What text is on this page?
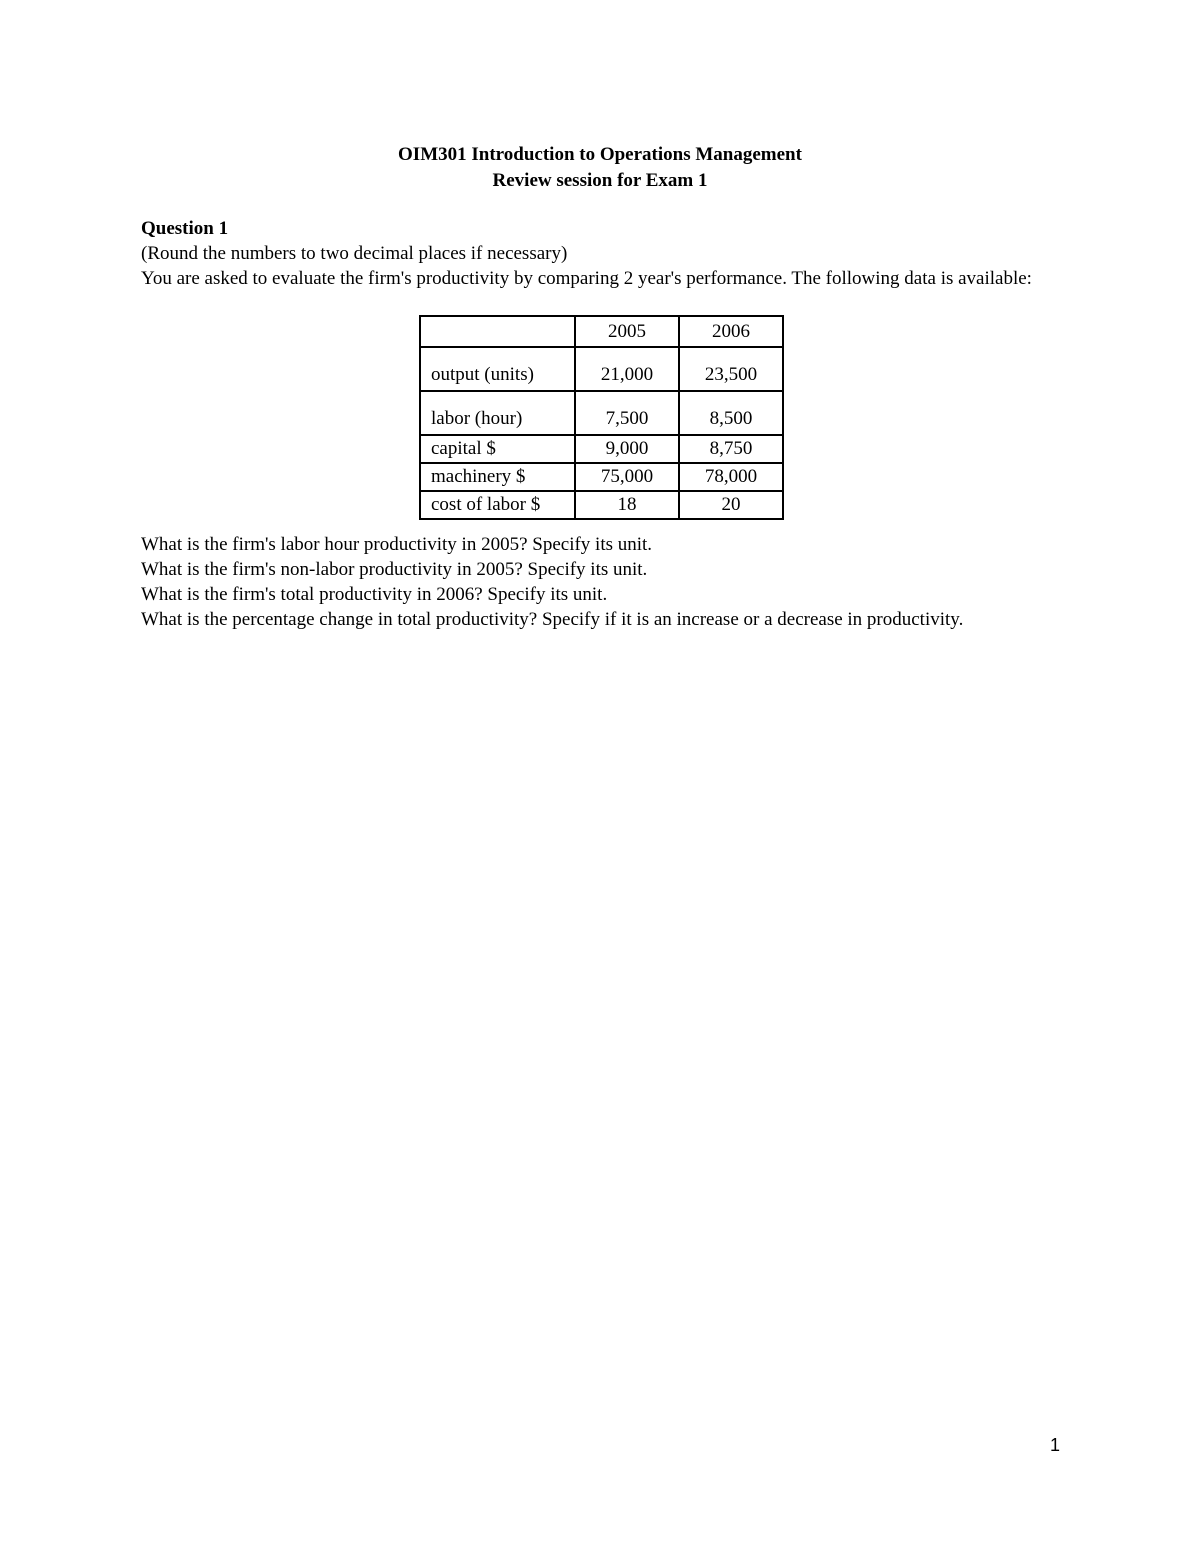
OIM301 Introduction to Operations Management
Review session for Exam 1
Question 1
(Round the numbers to two decimal places if necessary)
You are asked to evaluate the firm's productivity by comparing 2 year's performance. The following data is available:
	2005	2006
output (units)	21,000	23,500
labor (hour)	7,500	8,500
capital $	9,000	8,750
machinery $	75,000	78,000
cost of labor $	18	20
What is the firm's labor hour productivity in 2005? Specify its unit.
What is the firm's non-labor productivity in 2005? Specify its unit.
What is the firm's total productivity in 2006? Specify its unit.
What is the percentage change in total productivity? Specify if it is an increase or a decrease in productivity.
1
